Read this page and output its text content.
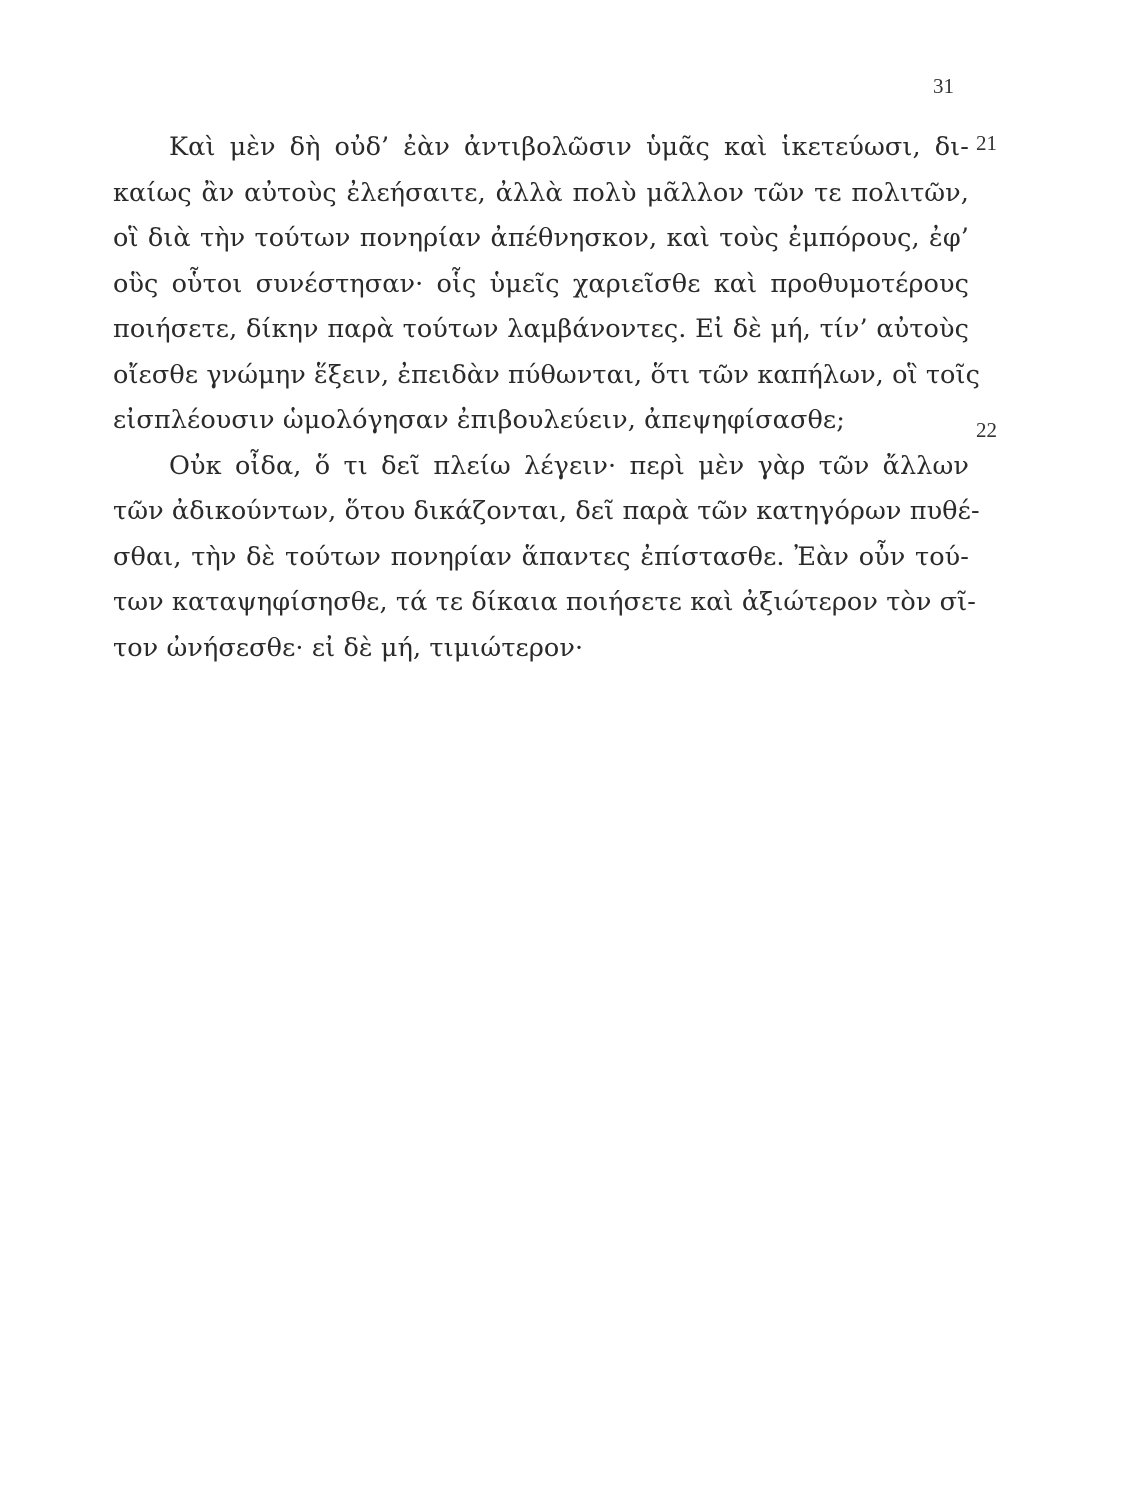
31
21
22
Καὶ μὲν δὴ οὐδ’ ἐὰν ἀντιβολῶσιν ὑμᾶς καὶ ἱκετεύωσι, δι-
καίως ἂν αὐτοὺς ἐλεήσαιτε, ἀλλὰ πολὺ μᾶλλον τῶν τε πολιτῶν,
οἳ διὰ τὴν τούτων πονηρίαν ἀπέθνησκον, καὶ τοὺς ἐμπόρους, ἐφ’
οὓς οὗτοι συνέστησαν· οἷς ὑμεῖς χαριεῖσθε καὶ προθυμοτέρους
ποιήσετε, δίκην παρὰ τούτων λαμβάνοντες. Εἰ δὲ μή, τίν’ αὐτοὺς
οἴεσθε γνώμην ἕξειν, ἐπειδὰν πύθωνται, ὅτι τῶν καπήλων, οἳ τοῖς
εἰσπλέουσιν ὡμολόγησαν ἐπιβουλεύειν, ἀπεψηφίσασθε;
Οὐκ οἶδα, ὅ τι δεῖ πλείω λέγειν· περὶ μὲν γὰρ τῶν ἄλλων
τῶν ἀδικούντων, ὅτου δικάζονται, δεῖ παρὰ τῶν κατηγόρων πυθέ-
σθαι, τὴν δὲ τούτων πονηρίαν ἅπαντες ἐπίστασθε. Ἐὰν οὖν τού-
των καταψηφίσησθε, τά τε δίκαια ποιήσετε καὶ ἀξιώτερον τὸν σῖ-
τον ὠνήσεσθε· εἰ δὲ μή, τιμιώτερον·
